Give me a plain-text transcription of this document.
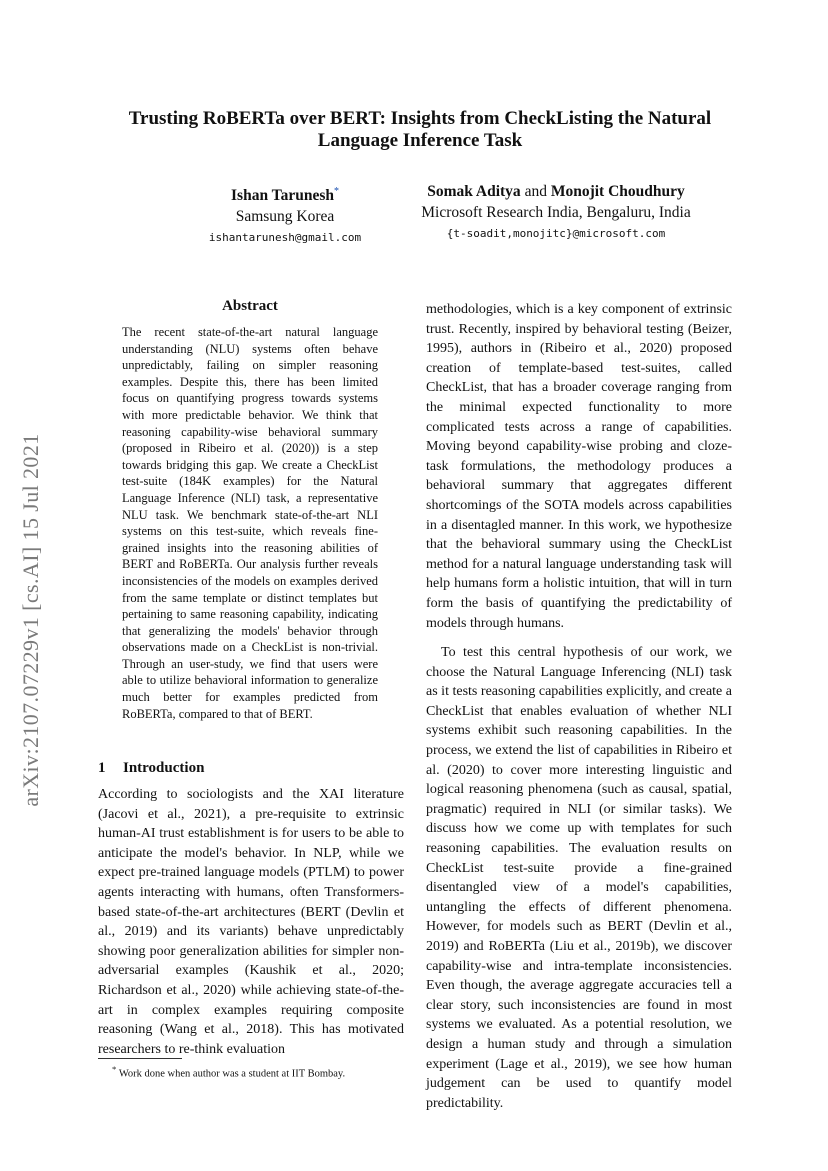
arXiv:2107.07229v1 [cs.AI] 15 Jul 2021
Trusting RoBERTa over BERT: Insights from CheckListing the Natural
Language Inference Task
Ishan Tarunesh*
Samsung Korea
ishantarunesh@gmail.com
Somak Aditya and Monojit Choudhury
Microsoft Research India, Bengaluru, India
{t-soadit,monojitc}@microsoft.com
Abstract

The recent state-of-the-art natural language understanding (NLU) systems often behave unpredictably, failing on simpler reasoning examples. Despite this, there has been limited focus on quantifying progress towards systems with more predictable behavior. We think that reasoning capability-wise behavioral summary (proposed in Ribeiro et al. (2020)) is a step towards bridging this gap. We create a CheckList test-suite (184K examples) for the Natural Language Inference (NLI) task, a representative NLU task. We benchmark state-of-the-art NLI systems on this test-suite, which reveals fine-grained insights into the reasoning abilities of BERT and RoBERTa. Our analysis further reveals inconsistencies of the models on examples derived from the same template or distinct templates but pertaining to same reasoning capability, indicating that generalizing the models' behavior through observations made on a CheckList is non-trivial. Through an user-study, we find that users were able to utilize behavioral information to generalize much better for examples predicted from RoBERTa, compared to that of BERT.

1 Introduction

According to sociologists and the XAI literature (Jacovi et al., 2021), a pre-requisite to extrinsic human-AI trust establishment is for users to be able to anticipate the model's behavior. In NLP, while we expect pre-trained language models (PTLM) to power agents interacting with humans, often Transformers-based state-of-the-art architectures (BERT (Devlin et al., 2019) and its variants) behave unpredictably showing poor generalization abilities for simpler non-adversarial examples (Kaushik et al., 2020; Richardson et al., 2020) while achieving state-of-the-art in complex examples requiring composite reasoning (Wang et al., 2018). This has motivated researchers to re-think evaluation

methodologies, which is a key component of extrinsic trust. Recently, inspired by behavioral testing (Beizer, 1995), authors in (Ribeiro et al., 2020) proposed creation of template-based test-suites, called CheckList, that has a broader coverage ranging from the minimal expected functionality to more complicated tests across a range of capabilities. Moving beyond capability-wise probing and cloze-task formulations, the methodology produces a behavioral summary that aggregates different shortcomings of the SOTA models across capabilities in a disentagled manner. In this work, we hypothesize that the behavioral summary using the CheckList method for a natural language understanding task will help humans form a holistic intuition, that will in turn form the basis of quantifying the predictability of models through humans.

To test this central hypothesis of our work, we choose the Natural Language Inferencing (NLI) task as it tests reasoning capabilities explicitly, and create a CheckList that enables evaluation of whether NLI systems exhibit such reasoning capabilities. In the process, we extend the list of capabilities in Ribeiro et al. (2020) to cover more interesting linguistic and logical reasoning phenomena (such as causal, spatial, pragmatic) required in NLI (or similar tasks). We discuss how we come up with templates for such reasoning capabilities. The evaluation results on CheckList test-suite provide a fine-grained disentangled view of a model's capabilities, untangling the effects of different phenomena. However, for models such as BERT (Devlin et al., 2019) and RoBERTa (Liu et al., 2019b), we discover capability-wise and intra-template inconsistencies. Even though, the average aggregate accuracies tell a clear story, such inconsistencies are found in most systems we evaluated. As a potential resolution, we design a human study and through a simulation experiment (Lage et al., 2019), we see how human judgement can be used to quantify model predictability.

* Work done when author was a student at IIT Bombay.
